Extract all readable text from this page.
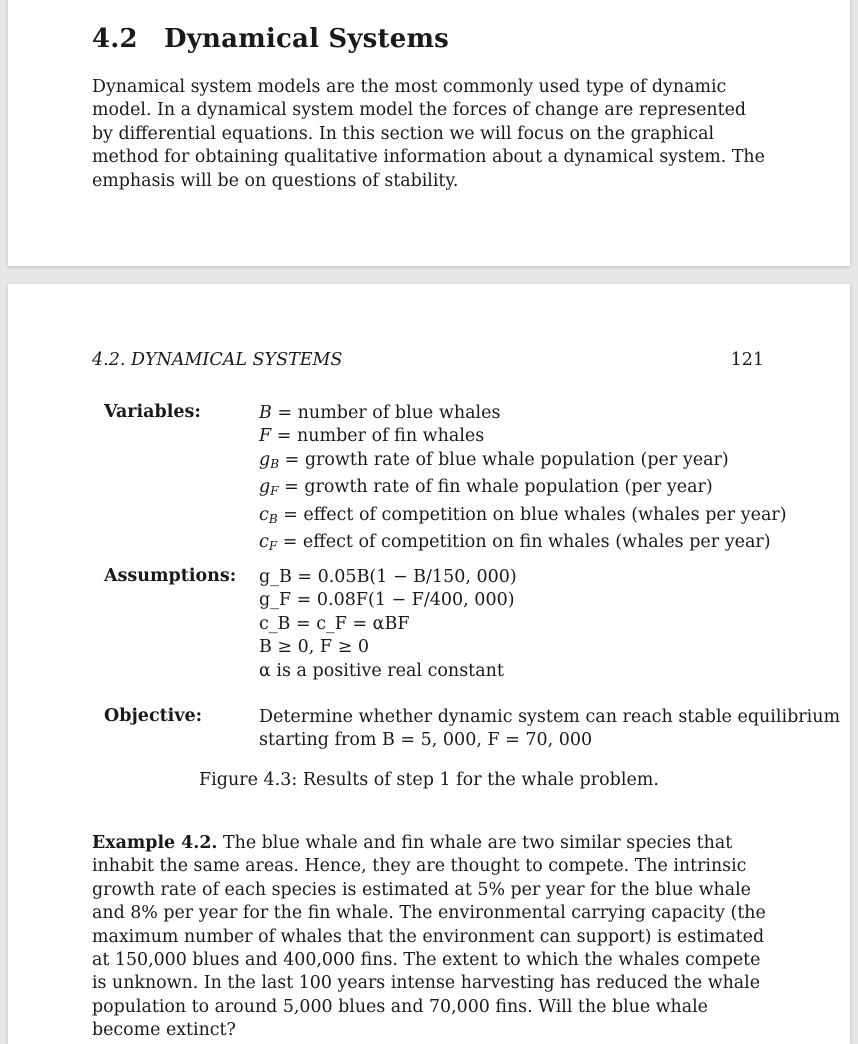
4.2 Dynamical Systems

Dynamical system models are the most commonly used type of dynamic model. In a dynamical system model the forces of change are represented by differential equations. In this section we will focus on the graphical method for obtaining qualitative information about a dynamical system. The emphasis will be on questions of stability.

4.2. DYNAMICAL SYSTEMS	121
Variables:	B = number of blue whales
F = number of fin whales
$g_B$ = growth rate of blue whale population (per year)
$g_F$ = growth rate of fin whale population (per year)
$c_B$ = effect of competition on blue whales (whales per year)
$c_F$ = effect of competition on fin whales (whales per year)
Assumptions: g_B = 0.05B(1 − B/150, 000)
g_F = 0.08F(1 − F/400, 000)
c_B = c_F = αBF
B ≥ 0, F ≥ 0
α is a positive real constant
Objective:	Determine whether dynamic system can reach stable equilibrium
starting from B = 5, 000, F = 70, 000
Figure 4.3: Results of step 1 for the whale problem.

Example 4.2. The blue whale and fin whale are two similar species that inhabit the same areas. Hence, they are thought to compete. The intrinsic growth rate of each species is estimated at 5% per year for the blue whale and 8% per year for the fin whale. The environmental carrying capacity (the maximum number of whales that the environment can support) is estimated at 150,000 blues and 400,000 fins. The extent to which the whales compete is unknown. In the last 100 years intense harvesting has reduced the whale population to around 5,000 blues and 70,000 fins. Will the blue whale become extinct?
